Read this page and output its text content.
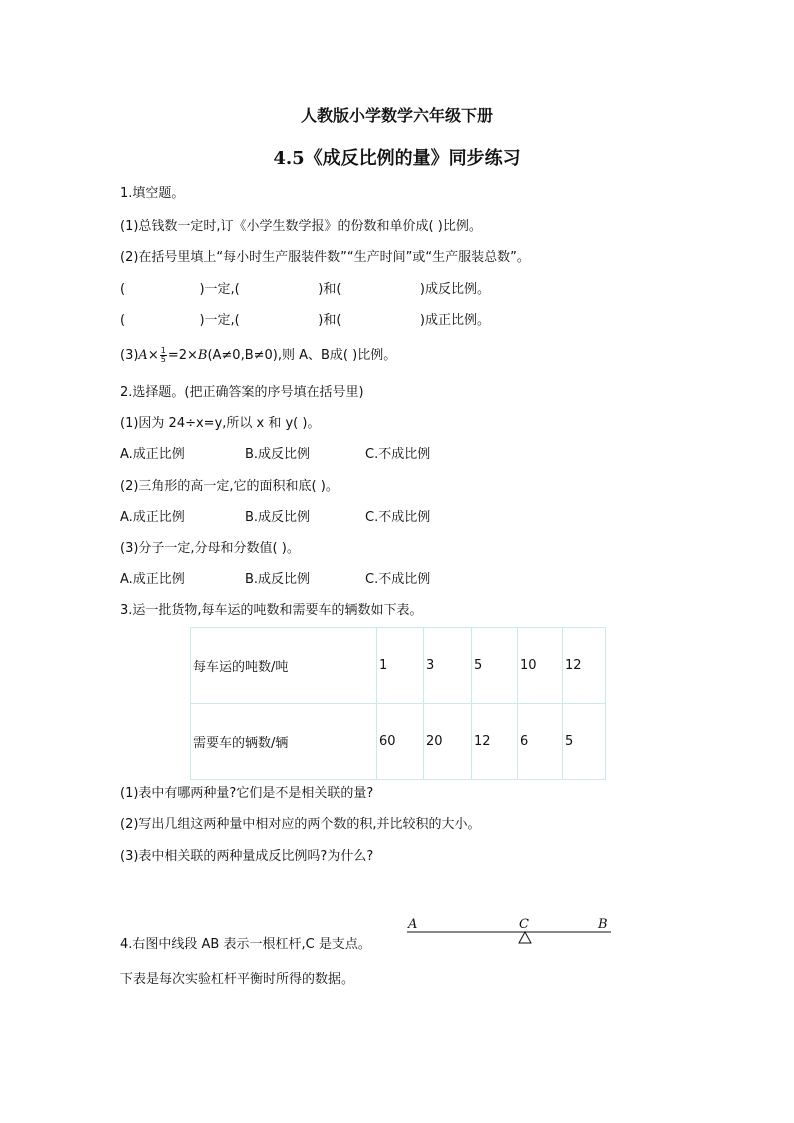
人教版小学数学六年级下册
4.5《成反比例的量》同步练习
1.填空题。
(1)总钱数一定时,订《小学生数学报》的份数和单价成( )比例。
(2)在括号里填上“每小时生产服装件数”“生产时间”或“生产服装总数”。
(                  )一定,(                   )和(                   )成反比例。
(                  )一定,(                   )和(                   )成正比例。
$(3)A\times \frac{1}{5} =2\times B(A\ne 0,B\ne 0)$,则 A、B成( )比例。
2.选择题。(把正确答案的序号填在括号里)
(1)因为 24÷x=y,所以 x 和 y( )。
A.成正比例	B.成反比例	C.不成比例
(2)三角形的高一定,它的面积和底( )。
A.成正比例	B.成反比例	C.不成比例
(3)分子一定,分母和分数值( )。
A.成正比例	B.成反比例	C.不成比例
3.运一批货物,每车运的吨数和需要车的辆数如下表。
每车运的吨数/吨	1	3	5	10	12
需要车的辆数/辆	60	20	12	6	5
(1)表中有哪两种量?它们是不是相关联的量?
(2)写出几组这两种量中相对应的两个数的积,并比较积的大小。
(3)表中相关联的两种量成反比例吗?为什么?
4.右图中线段 AB 表示一根杠杆,C 是支点。
下表是每次实验杠杆平衡时所得的数据。
A	C	B
